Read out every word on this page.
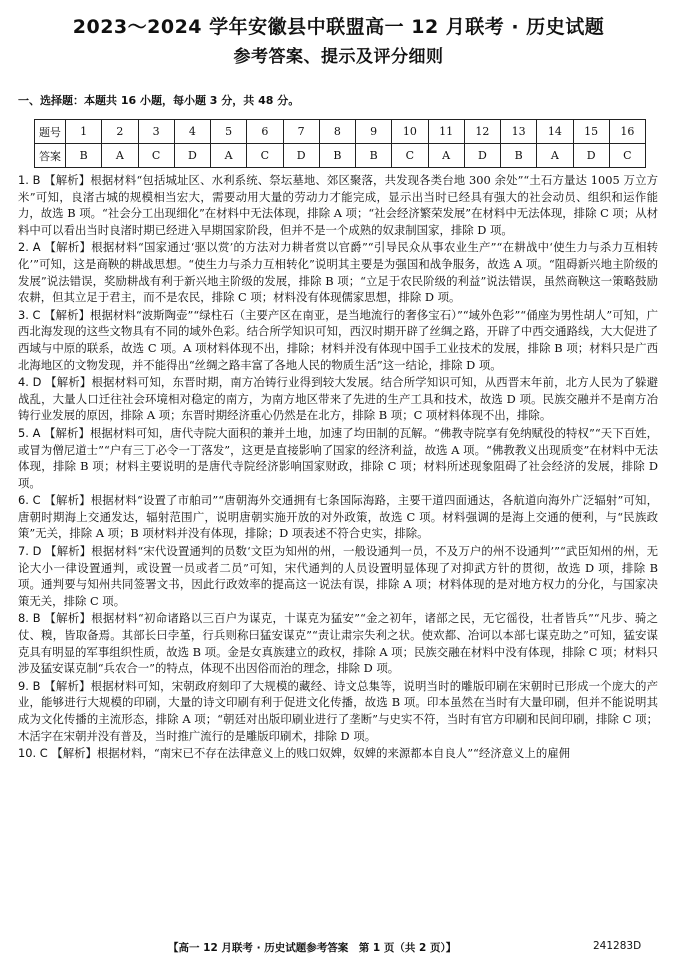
2023～2024 学年安徽县中联盟高一 12 月联考 · 历史试题
参考答案、提示及评分细则
一、选择题：本题共 16 小题，每小题 3 分，共 48 分。
题号	1	2	3	4	5	6	7	8	9	10	11	12	13	14	15	16
答案	B	A	C	D	A	C	D	B	B	C	A	D	B	A	D	C
1. B 【解析】根据材料“包括城址区、水利系统、祭坛墓地、郊区聚落，共发现各类台地 300 余处”“土石方量达 1005 万立方米”可知，良渚古城的规模相当宏大，需要动用大量的劳动力才能完成，显示出当时已经具有强大的社会动员、组织和运作能力，故选 B 项。“社会分工出现细化”在材料中无法体现，排除 A 项；“社会经济繁荣发展”在材料中无法体现，排除 C 项；从材料中可以看出当时良渚时期已经进入早期国家阶段，但并不是一个成熟的奴隶制国家，排除 D 项。
2. A 【解析】根据材料“国家通过‘驱以赏’的方法对力耕者赏以官爵”“引导民众从事农业生产”“在耕战中‘使生力与杀力互相转化’”可知，这是商鞅的耕战思想。“使生力与杀力互相转化”说明其主要是为强国和战争服务，故选 A 项。“阻碍新兴地主阶级的发展”说法错误，奖励耕战有利于新兴地主阶级的发展，排除 B 项；“立足于农民阶级的利益”说法错误，虽然商鞅这一策略鼓励农耕，但其立足于君主，而不是农民，排除 C 项；材料没有体现儒家思想，排除 D 项。
3. C 【解析】根据材料“波斯陶壶”“绿柱石（主要产区在南亚，是当地流行的奢侈宝石）”“域外色彩”“俑座为男性胡人”可知，广西北海发现的这些文物具有不同的域外色彩。结合所学知识可知，西汉时期开辟了丝绸之路，开辟了中西交通路线，大大促进了西域与中原的联系，故选 C 项。A 项材料体现不出，排除；材料并没有体现中国手工业技术的发展，排除 B 项；材料只是广西北海地区的文物发现，并不能得出“丝绸之路丰富了各地人民的物质生活”这一结论，排除 D 项。
4. D 【解析】根据材料可知，东晋时期，南方冶铸行业得到较大发展。结合所学知识可知，从西晋末年前，北方人民为了躲避战乱，大量人口迁往社会环境相对稳定的南方，为南方地区带来了先进的生产工具和技术，故选 D 项。民族交融并不是南方冶铸行业发展的原因，排除 A 项；东晋时期经济重心仍然是在北方，排除 B 项；C 项材料体现不出，排除。
5. A 【解析】根据材料可知，唐代寺院大面积的兼并土地，加速了均田制的瓦解。“佛教寺院享有免纳赋役的特权”“天下百姓，或冒为僧尼道士”“户有三丁必令一丁落发”，这更是直接影响了国家的经济利益，故选 A 项。“佛教教义出现质变”在材料中无法体现，排除 B 项；材料主要说明的是唐代寺院经济影响国家财政，排除 C 项；材料所述现象阻碍了社会经济的发展，排除 D 项。
6. C 【解析】根据材料“设置了市舶司”“唐朝海外交通拥有七条国际海路，主要干道四面通达，各航道向海外广泛辐射”可知，唐朝时期海上交通发达，辐射范围广，说明唐朝实施开放的对外政策，故选 C 项。材料强调的是海上交通的便利，与“民族政策”无关，排除 A 项；B 项材料并没有体现，排除；D 项表述不符合史实，排除。
7. D 【解析】根据材料“宋代设置通判的员数‘文臣为知州的州，一般设通判一员，不及万户的州不设通判’”“武臣知州的州，无论大小一律设置通判，或设置一员或者二员”可知，宋代通判的人员设置明显体现了对抑武方针的贯彻，故选 D 项，排除 B 项。通判要与知州共同签署文书，因此行政效率的提高这一说法有误，排除 A 项；材料体现的是对地方权力的分化，与国家决策无关，排除 C 项。
8. B 【解析】根据材料“初命诸路以三百户为谋克，十谋克为猛安”“金之初年，诸部之民，无它徭役，壮者皆兵”“凡步、骑之仗、糗，皆取备焉。其部长曰孛堇，行兵则称曰猛安谋克”“责让肃宗失利之状。使欢都、冶诃以本部七谋克助之”可知，猛安谋克具有明显的军事组织性质，故选 B 项。金是女真族建立的政权，排除 A 项；民族交融在材料中没有体现，排除 C 项；材料只涉及猛安谋克制“兵农合一”的特点，体现不出因俗而治的理念，排除 D 项。
9. B 【解析】根据材料可知，宋朝政府刻印了大规模的藏经、诗文总集等，说明当时的雕版印刷在宋朝时已形成一个庞大的产业，能够进行大规模的印刷，大量的诗文印刷有利于促进文化传播，故选 B 项。印本虽然在当时有大量印刷，但并不能说明其成为文化传播的主流形态，排除 A 项；“朝廷对出版印刷业进行了垄断”与史实不符，当时有官方印刷和民间印刷，排除 C 项；木活字在宋朝并没有普及，当时推广流行的是雕版印刷术，排除 D 项。
10. C 【解析】根据材料，“南宋已不存在法律意义上的贱口奴婢，奴婢的来源都本自良人”“经济意义上的雇佣
【高一 12 月联考 · 历史试题参考答案　第 1 页（共 2 页）】	241283D
